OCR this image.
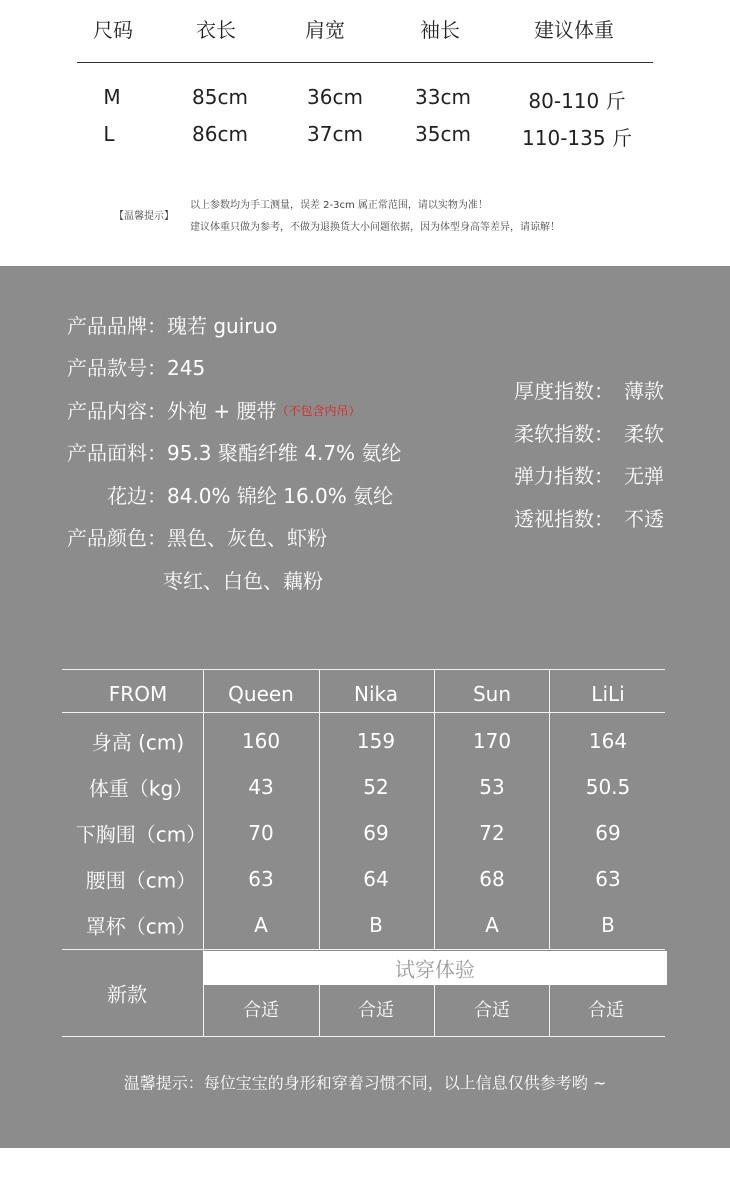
尺码	衣长	肩宽	袖长	建议体重
M	85cm	36cm	33cm	80-110 斤
L	86cm	37cm	35cm	110-135 斤
【温馨提示】
以上参数均为手工测量，误差 2-3cm 属正常范围，请以实物为准！
建议体重只做为参考，不做为退换货大小问题依据，因为体型身高等差异，请谅解！
产品品牌：瑰若 guiruo
产品款号：245
产品内容：外袍 + 腰带（不包含内吊）
产品面料：95.3 聚酯纤维 4.7% 氨纶
花边：84.0% 锦纶 16.0% 氨纶
产品颜色：黑色、灰色、虾粉
枣红、白色、藕粉
厚度指数： 薄款
柔软指数： 柔软
弹力指数： 无弹
透视指数： 不透
FROM	Queen	Nika	Sun	LiLi
身高 (cm)	160	159	170	164
体重（kg）	43	52	53	50.5
下胸围（cm） 70	69	72	69
腰围（cm）	63	64	68	63
罩杯（cm）	A	B	A	B
新款
试穿体验
合适	合适	合适	合适
温馨提示：每位宝宝的身形和穿着习惯不同，以上信息仅供参考哟 ~
